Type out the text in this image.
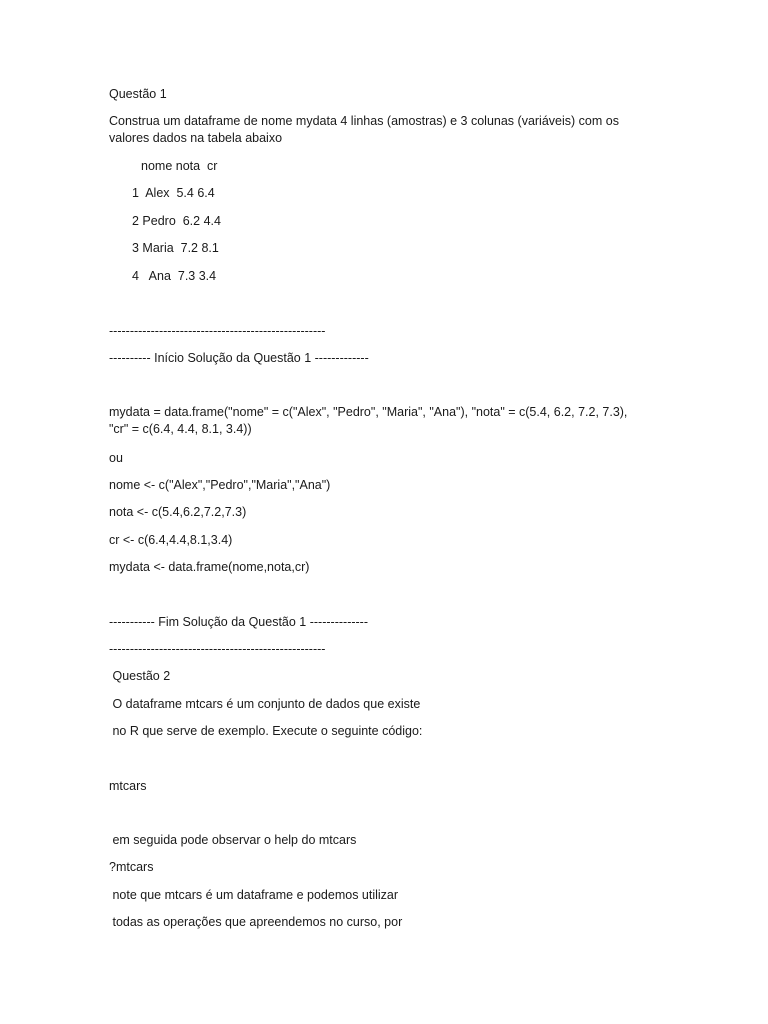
Questão 1
Construa um dataframe de nome mydata 4 linhas (amostras) e 3 colunas (variáveis) com os valores dados na tabela abaixo
nome nota  cr
1  Alex  5.4 6.4
2 Pedro  6.2 4.4
3 Maria  7.2 8.1
4   Ana  7.3 3.4
----------------------------------------------------
---------- Início Solução da Questão 1 -------------
mydata = data.frame("nome" = c("Alex", "Pedro", "Maria", "Ana"), "nota" = c(5.4, 6.2, 7.2, 7.3), "cr" = c(6.4, 4.4, 8.1, 3.4))
ou
nome <- c("Alex","Pedro","Maria","Ana")
nota <- c(5.4,6.2,7.2,7.3)
cr <- c(6.4,4.4,8.1,3.4)
mydata <- data.frame(nome,nota,cr)
----------- Fim Solução da Questão 1 --------------
----------------------------------------------------
Questão 2
O dataframe mtcars é um conjunto de dados que existe
no R que serve de exemplo. Execute o seguinte código:
mtcars
em seguida pode observar o help do mtcars
?mtcars
note que mtcars é um dataframe e podemos utilizar
todas as operações que apreendemos no curso, por
